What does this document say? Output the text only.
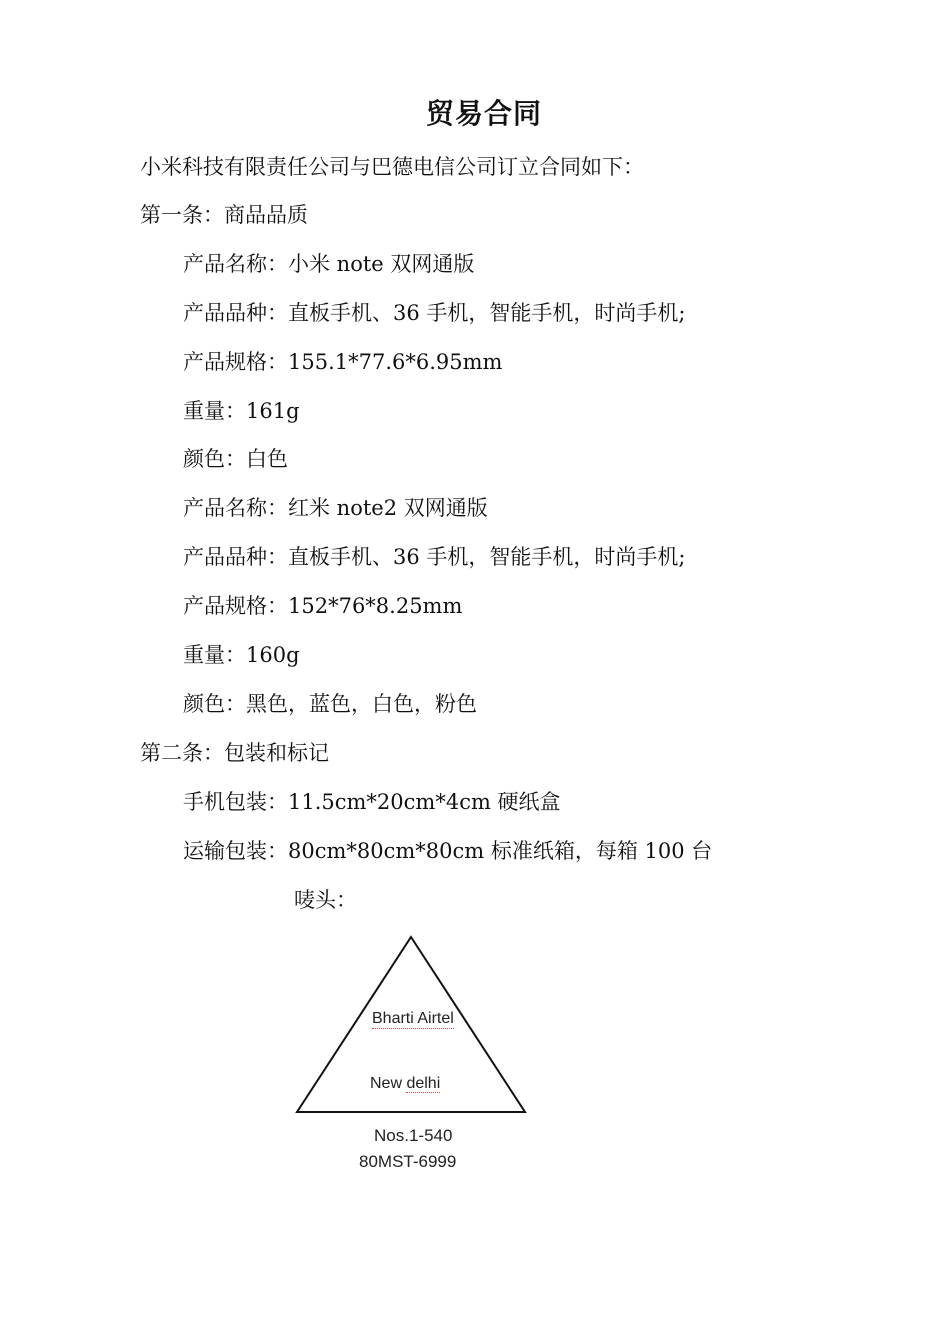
贸易合同
小米科技有限责任公司与巴德电信公司订立合同如下：
第一条：商品品质
产品名称：小米 note 双网通版
产品品种：直板手机、36 手机，智能手机，时尚手机;
产品规格：155.1*77.6*6.95mm
重量：161g
颜色：白色
产品名称：红米 note2 双网通版
产品品种：直板手机、36 手机，智能手机，时尚手机;
产品规格：152*76*8.25mm
重量：160g
颜色：黑色，蓝色，白色，粉色
第二条：包装和标记
手机包装：11.5cm*20cm*4cm 硬纸盒
运输包装：80cm*80cm*80cm 标准纸箱，每箱 100 台
唛头：
Bharti Airtel
New delhi
Nos.1-540
80MST-6999
